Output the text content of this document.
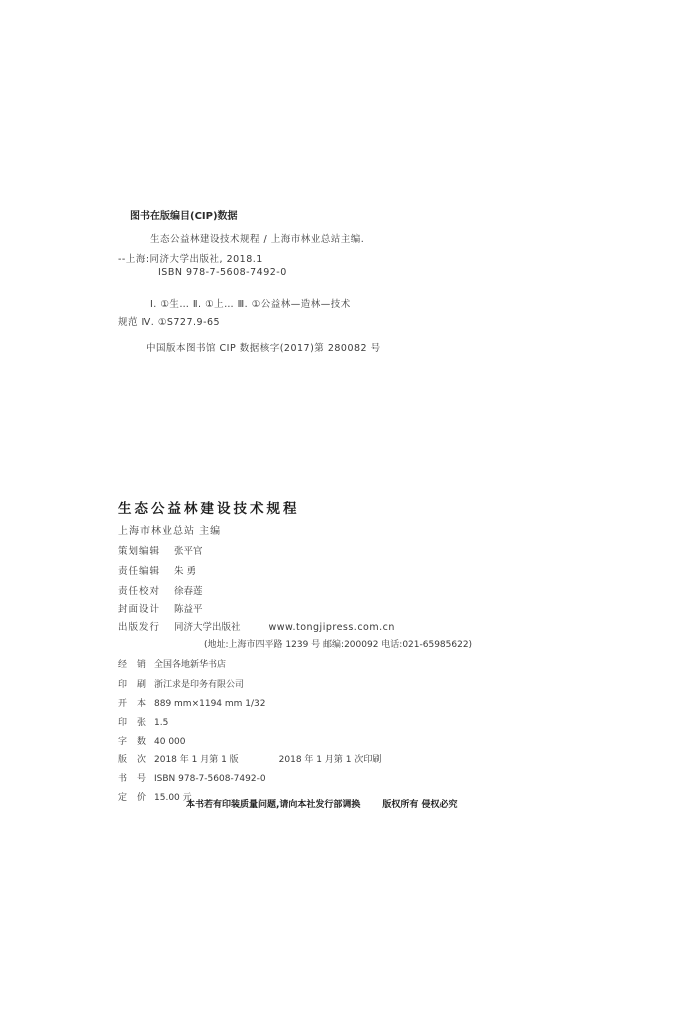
图书在版编目(CIP)数据
生态公益林建设技术规程 / 上海市林业总站主编.
--上海:同济大学出版社, 2018.1
ISBN 978-7-5608-7492-0
Ⅰ. ①生… Ⅱ. ①上… Ⅲ. ①公益林—造林—技术
规范 Ⅳ. ①S727.9-65
中国版本图书馆 CIP 数据核字(2017)第 280082 号
生态公益林建设技术规程
上海市林业总站 主编
策划编辑 张平官
责任编辑 朱 勇
责任校对 徐春莲
封面设计 陈益平
出版发行 同济大学出版社	www.tongjipress.com.cn
(地址:上海市四平路 1239 号 邮编:200092 电话:021-65985622)
经销全国各地新华书店
印刷浙江求是印务有限公司
开本889 mm×1194 mm 1/32
印张1.5
字数40 000
版次2018 年 1 月第 1 版	2018 年 1 月第 1 次印刷
书号ISBN 978-7-5608-7492-0
定价15.00 元
本书若有印装质量问题,请向本社发行部调换 版权所有 侵权必究
